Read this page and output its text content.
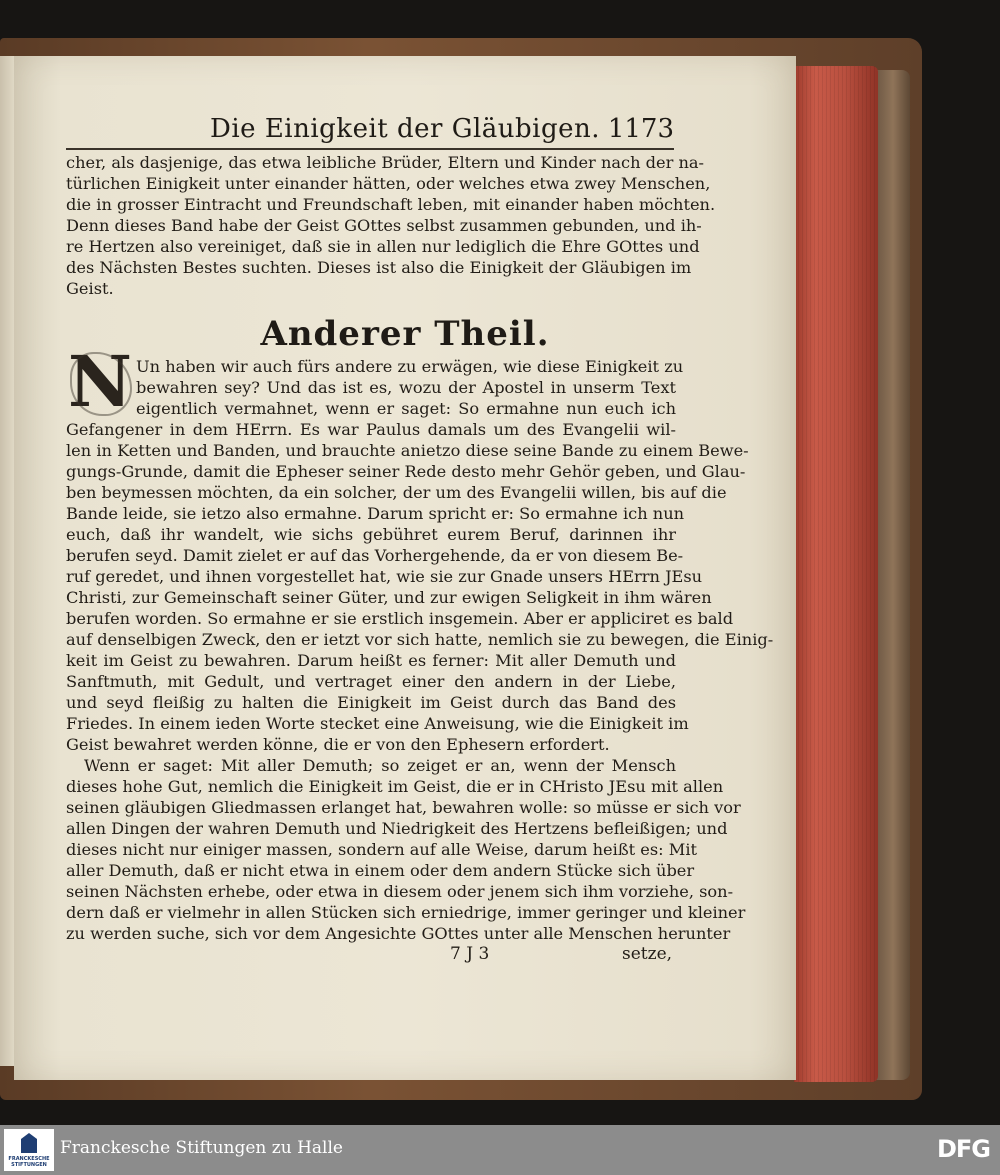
Die Einigkeit der Gläubigen. 1173
cher, als dasjenige, das etwa leibliche Brüder, Eltern und Kinder nach der na-
türlichen Einigkeit unter einander hätten, oder welches etwa zwey Menschen,
die in grosser Eintracht und Freundschaft leben, mit einander haben möchten.
Denn dieses Band habe der Geist GOttes selbst zusammen gebunden, und ih-
re Hertzen also vereiniget, daß sie in allen nur lediglich die Ehre GOttes und
des Nächsten Bestes suchten. Dieses ist also die Einigkeit der Gläubigen im
Geist.
Anderer Theil.
N Un haben wir auch fürs andere zu erwägen, wie diese Einigkeit zu
bewahren sey? Und das ist es, wozu der Apostel in unserm Text
eigentlich vermahnet, wenn er saget: So ermahne nun euch ich
Gefangener in dem HErrn. Es war Paulus damals um des Evangelii wil-
len in Ketten und Banden, und brauchte anietzo diese seine Bande zu einem Bewe-
gungs-Grunde, damit die Epheser seiner Rede desto mehr Gehör geben, und Glau-
ben beymessen möchten, da ein solcher, der um des Evangelii willen, bis auf die
Bande leide, sie ietzo also ermahne. Darum spricht er: So ermahne ich nun
euch, daß ihr wandelt, wie sichs gebühret eurem Beruf, darinnen ihr
berufen seyd. Damit zielet er auf das Vorhergehende, da er von diesem Be-
ruf geredet, und ihnen vorgestellet hat, wie sie zur Gnade unsers HErrn JEsu
Christi, zur Gemeinschaft seiner Güter, und zur ewigen Seligkeit in ihm wären
berufen worden. So ermahne er sie erstlich insgemein. Aber er appliciret es bald
auf denselbigen Zweck, den er ietzt vor sich hatte, nemlich sie zu bewegen, die Einig-
keit im Geist zu bewahren. Darum heißt es ferner: Mit aller Demuth und
Sanftmuth, mit Gedult, und vertraget einer den andern in der Liebe,
und seyd fleißig zu halten die Einigkeit im Geist durch das Band des
Friedes. In einem ieden Worte stecket eine Anweisung, wie die Einigkeit im
Geist bewahret werden könne, die er von den Ephesern erfordert.
Wenn er saget: Mit aller Demuth; so zeiget er an, wenn der Mensch
dieses hohe Gut, nemlich die Einigkeit im Geist, die er in CHristo JEsu mit allen
seinen gläubigen Gliedmassen erlanget hat, bewahren wolle: so müsse er sich vor
allen Dingen der wahren Demuth und Niedrigkeit des Hertzens befleißigen; und
dieses nicht nur einiger massen, sondern auf alle Weise, darum heißt es: Mit
aller Demuth, daß er nicht etwa in einem oder dem andern Stücke sich über
seinen Nächsten erhebe, oder etwa in diesem oder jenem sich ihm vorziehe, son-
dern daß er vielmehr in allen Stücken sich erniedrige, immer geringer und kleiner
zu werden suche, sich vor dem Angesichte GOttes unter alle Menschen herunter
7 J 3	setze,
FRANCKESCHE STIFTUNGEN
Franckesche Stiftungen zu Halle	DFG
